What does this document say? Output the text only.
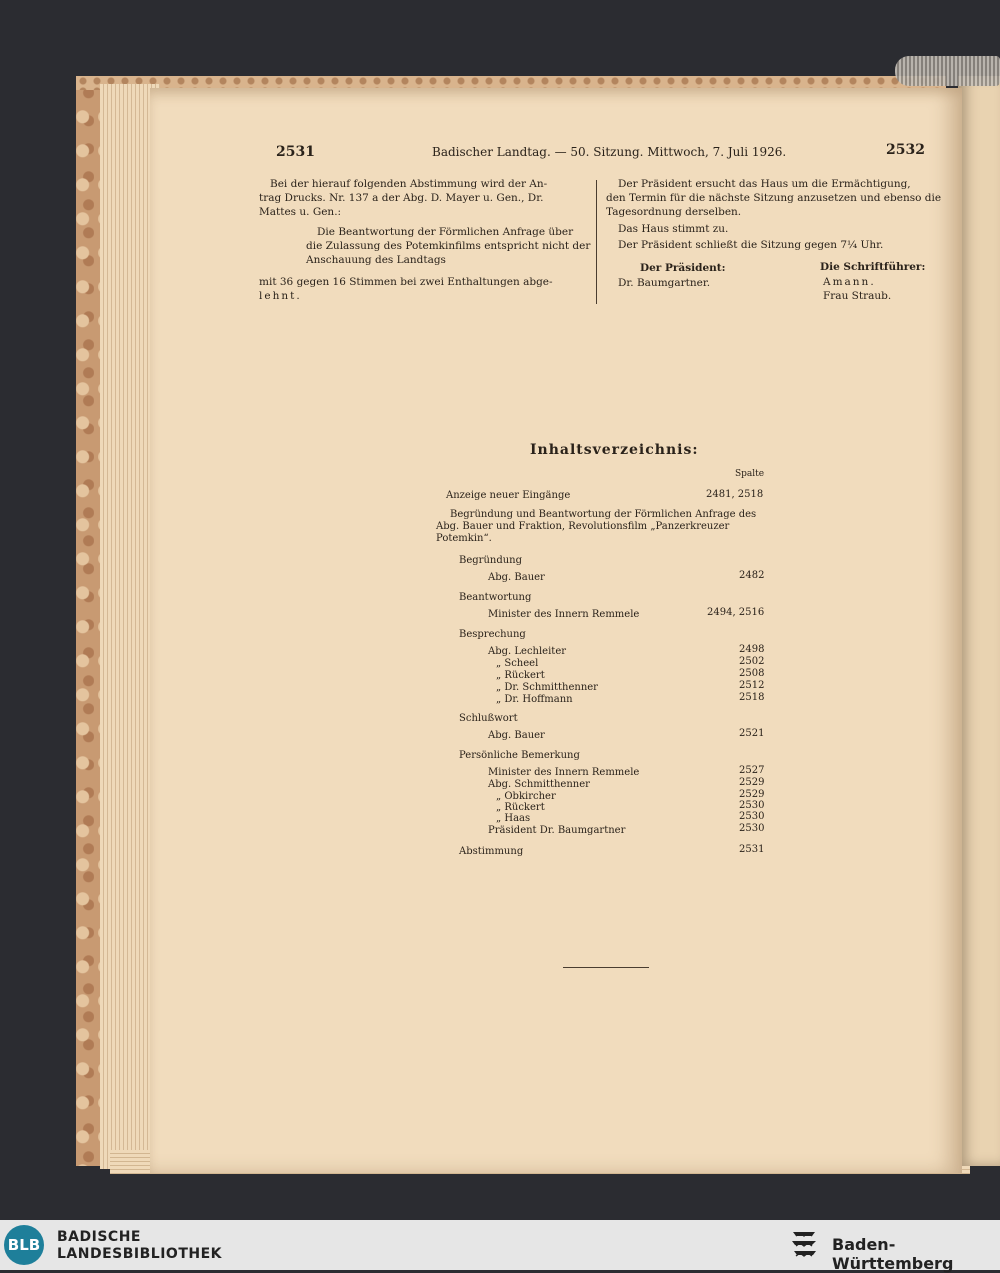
2531	Badischer Landtag. — 50. Sitzung. Mittwoch, 7. Juli 1926.	2532
Bei der hierauf folgenden Abstimmung wird der An-
trag Drucks. Nr. 137 a der Abg. D. Mayer u. Gen., Dr.
Mattes u. Gen.:
Die Beantwortung der Förmlichen Anfrage über
die Zulassung des Potemkinfilms entspricht nicht der
Anschauung des Landtags
mit 36 gegen 16 Stimmen bei zwei Enthaltungen abge-
lehnt.
Der Präsident ersucht das Haus um die Ermächtigung,
den Termin für die nächste Sitzung anzusetzen und ebenso die
Tagesordnung derselben.
Das Haus stimmt zu.
Der Präsident schließt die Sitzung gegen 7¼ Uhr.
Der Präsident:
Dr. Baumgartner.
Die Schriftführer:
Amann.
Frau Straub.
Inhaltsverzeichnis:
Spalte
Anzeige neuer Eingänge	2481, 2518
Begründung und Beantwortung der Förmlichen Anfrage des
Abg. Bauer und Fraktion, Revolutionsfilm „Panzerkreuzer
Potemkin“.
Begründung
Abg. Bauer	2482
Beantwortung
Minister des Innern Remmele	2494, 2516
Besprechung
Abg. Lechleiter	2498
„ Scheel	2502
„ Rückert	2508
„ Dr. Schmitthenner	2512
„ Dr. Hoffmann	2518
Schlußwort
Abg. Bauer	2521
Persönliche Bemerkung
Minister des Innern Remmele	2527
Abg. Schmitthenner	2529
„ Obkircher	2529
„ Rückert	2530
„ Haas	2530
Präsident Dr. Baumgartner	2530
Abstimmung	2531
BLB BADISCHE
LANDESBIBLIOTHEK	Baden-Württemberg
